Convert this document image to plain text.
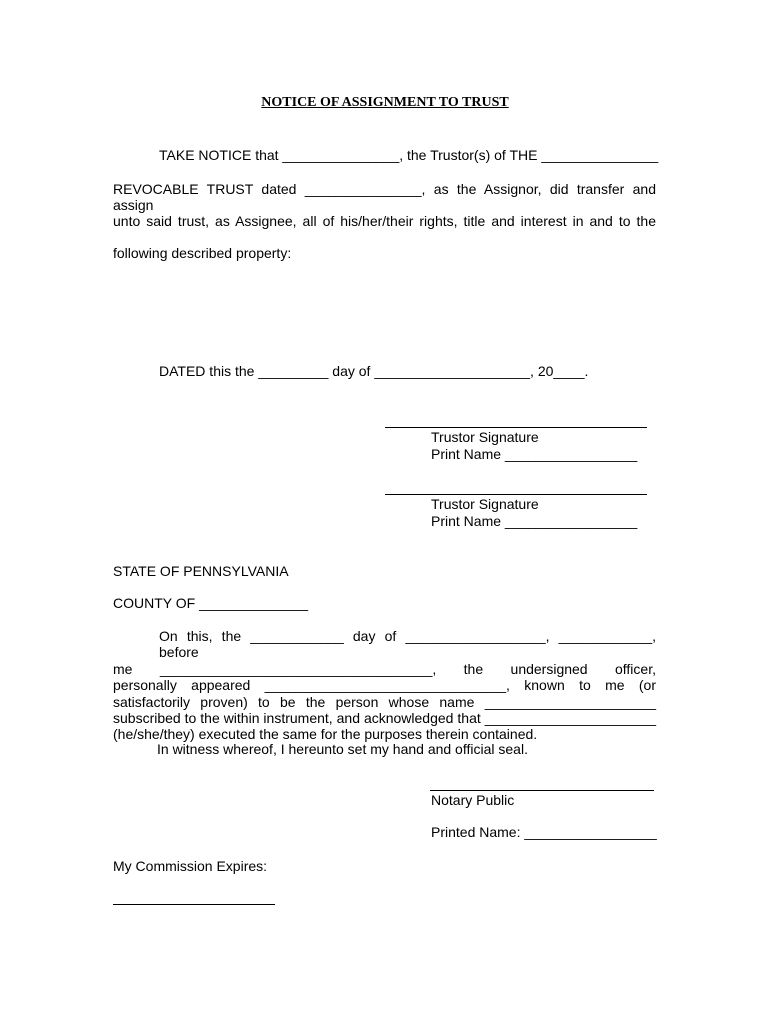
NOTICE OF ASSIGNMENT TO TRUST
TAKE NOTICE that _______________, the Trustor(s) of THE _______________
REVOCABLE TRUST dated _______________, as the Assignor, did transfer and assign
unto said trust, as Assignee, all of his/her/their rights, title and interest in and to the
following described property:
DATED this the _________ day of ____________________, 20____.
Trustor Signature
Print Name _________________
Trustor Signature
Print Name _________________
STATE OF PENNSYLVANIA
COUNTY OF ______________
On this, the ____________ day of __________________, ____________, before
me ___________________________________, the undersigned officer,
personally appeared _______________________________, known to me (or
satisfactorily proven) to be the person whose name ______________________
subscribed to the within instrument, and acknowledged that ______________________
(he/she/they) executed the same for the purposes therein contained.
In witness whereof, I hereunto set my hand and official seal.
Notary Public
Printed Name: _________________
My Commission Expires:
